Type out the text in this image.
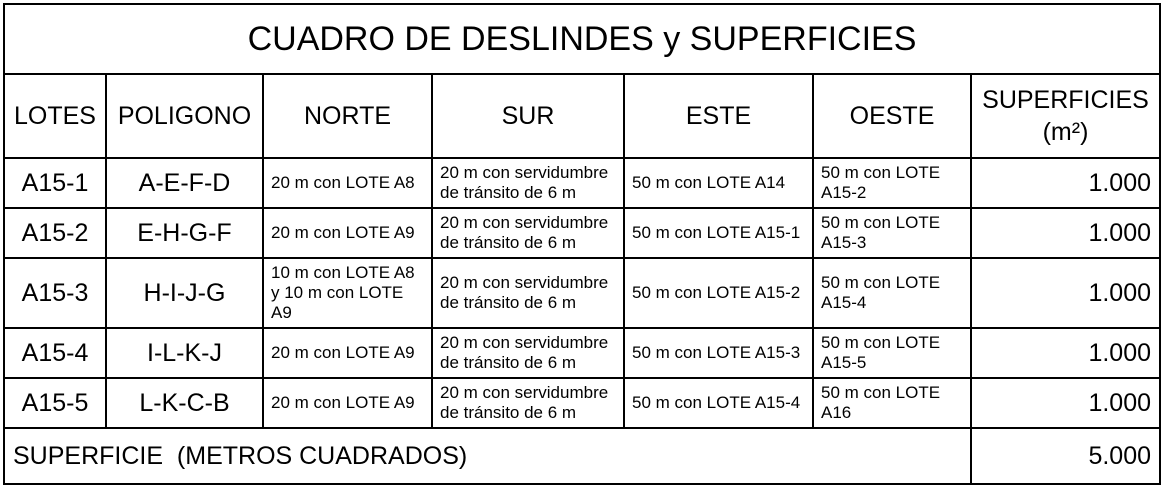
CUADRO DE DESLINDES y SUPERFICIES						
LOTES	POLIGONO	NORTE	SUR	ESTE	OESTE	SUPERFICIES
(m²)
A15-1	A-E-F-D	20 m con LOTE A8	20 m con servidumbre de tránsito de 6 m	50 m con LOTE A14	50 m con LOTE A15-2	1.000
A15-2	E-H-G-F	20 m con LOTE A9	20 m con servidumbre de tránsito de 6 m	50 m con LOTE A15-1	50 m con LOTE A15-3	1.000
A15-3	H-I-J-G	10 m con LOTE A8 y 10 m con LOTE A9	20 m con servidumbre de tránsito de 6 m	50 m con LOTE A15-2	50 m con LOTE A15-4	1.000
A15-4	I-L-K-J	20 m con LOTE A9	20 m con servidumbre de tránsito de 6 m	50 m con LOTE A15-3	50 m con LOTE A15-5	1.000
A15-5	L-K-C-B	20 m con LOTE A9	20 m con servidumbre de tránsito de 6 m	50 m con LOTE A15-4	50 m con LOTE A16	1.000
SUPERFICIE  (METROS CUADRADOS)						5.000
